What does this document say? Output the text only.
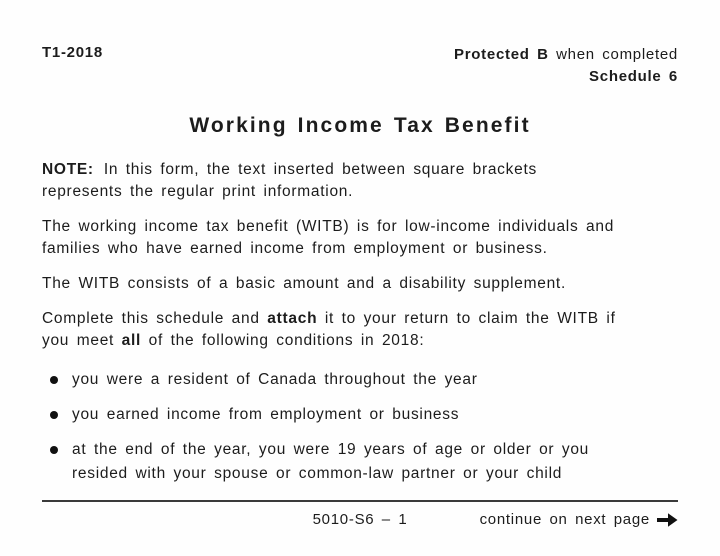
T1-2018	Protected B when completed
Schedule 6
Working Income Tax Benefit
NOTE: In this form, the text inserted between square brackets
represents the regular print information.
The working income tax benefit (WITB) is for low-income individuals and
families who have earned income from employment or business.
The WITB consists of a basic amount and a disability supplement.
Complete this schedule and attach it to your return to claim the WITB if
you meet all of the following conditions in 2018:
you were a resident of Canada throughout the year
you earned income from employment or business
at the end of the year, you were 19 years of age or older or you
resided with your spouse or common-law partner or your child
5010-S6 – 1	continue on next page
